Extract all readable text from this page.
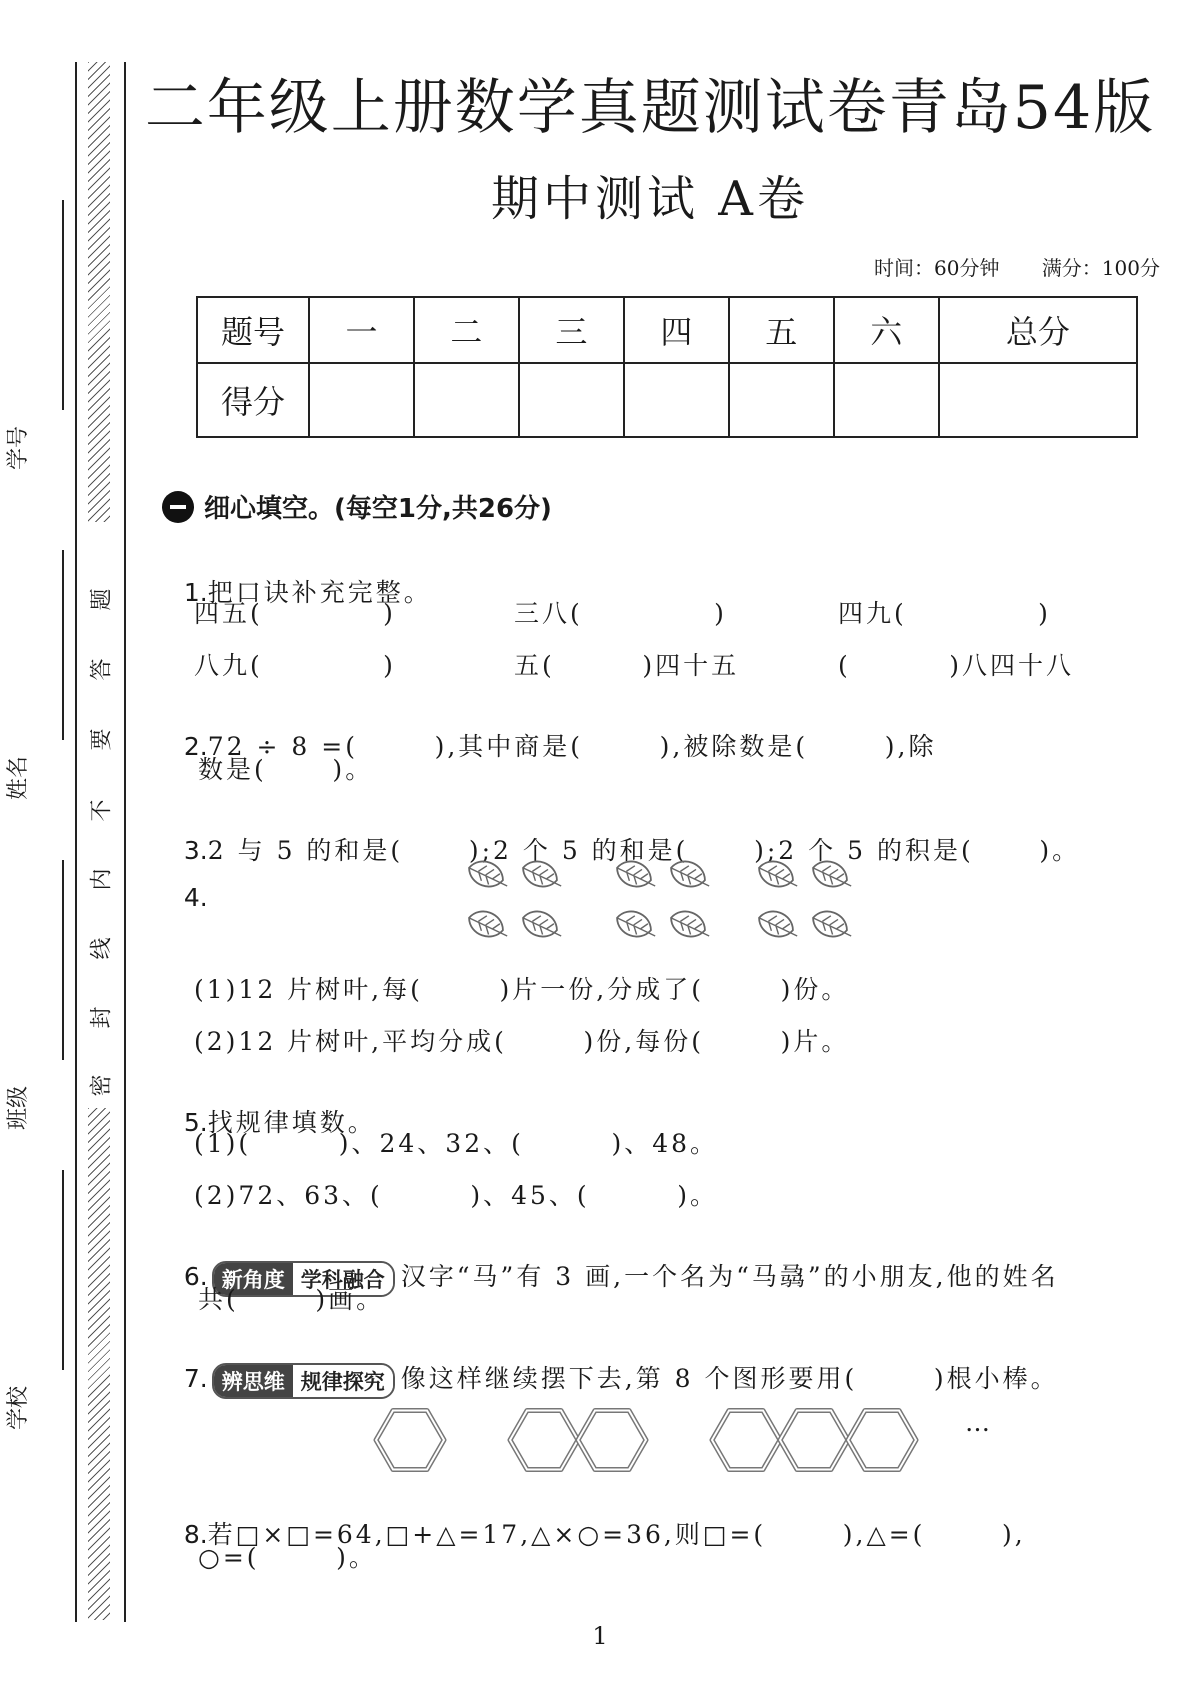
密
封
线
内
不
要
答
题
学号
姓名
班级
学校
二年级上册数学真题测试卷青岛54版
期中测试 A卷
时间：60分钟 满分：100分
题号	一	二	三	四	五	六	总分
得分							
细心填空。(每空1分,共26分)

1.把口诀补充完整。

四五(           )	三八(            )	四九(            )
八九(           )	五(        )四十五	(         )八四十八

2.72 ÷ 8 =(       ),其中商是(       ),被除数是(       ),除

数是(      )。

3.2 与 5 的和是(      );2 个 5 的和是(      );2 个 5 的积是(      )。

4.

(1)12 片树叶,每(       )片一份,分成了(       )份。
(2)12 片树叶,平均分成(       )份,每份(       )片。

5.找规律填数。

(1)(        )、24、32、(        )、48。
(2)72、63、(        )、45、(        )。

6. 新角度 学科融合 汉字“马”有 3 画,一个名为“马骉”的小朋友,他的姓名

共(       )画。

7. 辨思维 规律探究 像这样继续摆下去,第 8 个图形要用(       )根小棒。

…

8.若□×□=64,□+△=17,△×○=36,则□=(       ),△=(       ),

○=(       )。
1
